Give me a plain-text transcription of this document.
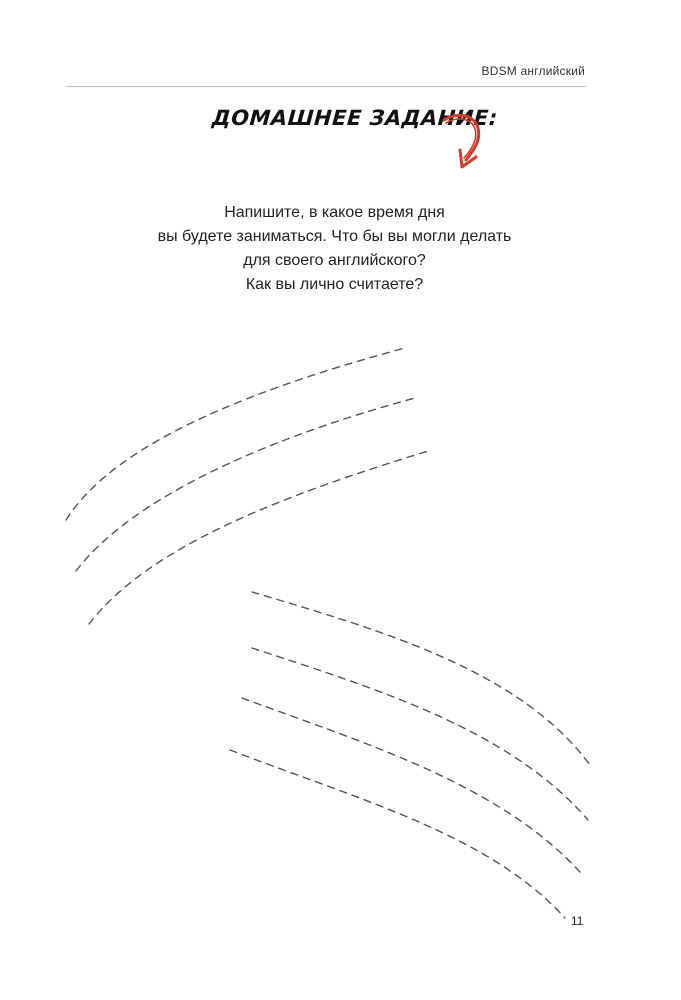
BDSM английский
ДОМАШНЕЕ ЗАДАНИЕ:
Напишите, в какое время дня
вы будете заниматься. Что бы вы могли делать
для своего английского?
Как вы лично считаете?
11
